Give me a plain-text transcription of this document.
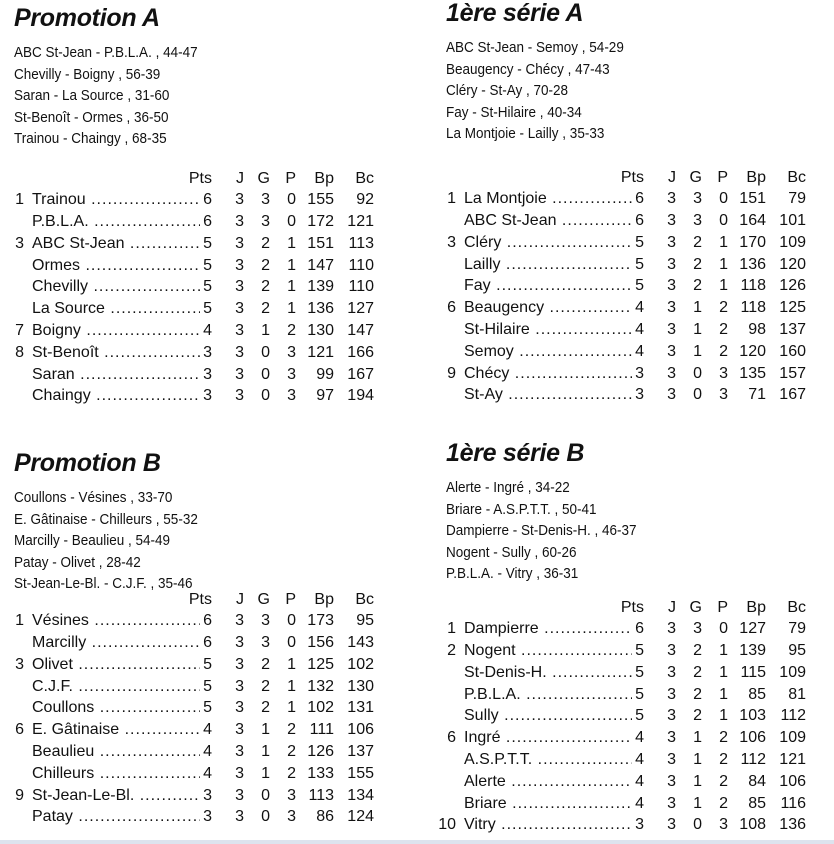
Promotion A
ABC St-Jean - P.B.L.A. , 44-47
Chevilly - Boigny , 56-39
Saran - La Source , 31-60
St-Benoît - Ormes , 36-50
Trainou - Chaingy , 68-35
Pts	J G P	Bp	Bc
1 Trainou .....	6	3	3	0 155	92
P.B.L.A. .....	6	3	3	0 172 121
3 ABC St-Jean .....	5	3	2	1 151 113
Ormes .....	5	3	2	1 147 110
Chevilly .....	5	3	2	1 139 110
La Source .....	5	3	2	1 136 127
7 Boigny .....	4	3	1	2 130 147
8 St-Benoît .....	3	3	0	3 121 166
Saran .....	3	3	0	3	99 167
Chaingy .....	3	3	0	3	97 194
1ère série A
ABC St-Jean - Semoy , 54-29
Beaugency - Chécy , 47-43
Cléry - St-Ay , 70-28
Fay - St-Hilaire , 40-34
La Montjoie - Lailly , 35-33
Pts	J G P	Bp	Bc
1 La Montjoie .....	6	3	3	0 151	79
ABC St-Jean .....	6	3	3	0 164 101
3 Cléry .....	5	3	2	1 170 109
Lailly .....	5	3	2	1 136 120
Fay .....	5	3	2	1 118 126
6 Beaugency .....	4	3	1	2 118 125
St-Hilaire .....	4	3	1	2	98 137
Semoy .....	4	3	1	2 120 160
9 Chécy .....	3	3	0	3 135 157
St-Ay .....	3	3	0	3	71 167
Promotion B
Coullons - Vésines , 33-70
E. Gâtinaise - Chilleurs , 55-32
Marcilly - Beaulieu , 54-49
Patay - Olivet , 28-42
St-Jean-Le-Bl. - C.J.F. , 35-46
Pts	J G P	Bp	Bc
1 Vésines .....	6	3	3	0 173	95
Marcilly .....	6	3	3	0 156 143
3 Olivet .....	5	3	2	1 125 102
C.J.F. .....	5	3	2	1 132 130
Coullons .....	5	3	2	1 102 131
6 E. Gâtinaise .....	4	3	1	2 111 106
Beaulieu .....	4	3	1	2 126 137
Chilleurs .....	4	3	1	2 133 155
9 St-Jean-Le-Bl. .....	3	3	0	3 113 134
Patay .....	3	3	0	3	86 124
1ère série B
Alerte - Ingré , 34-22
Briare - A.S.P.T.T. , 50-41
Dampierre - St-Denis-H. , 46-37
Nogent - Sully , 60-26
P.B.L.A. - Vitry , 36-31
Pts	J G P	Bp	Bc
1 Dampierre .....	6	3	3	0 127	79
2 Nogent .....	5	3	2	1 139	95
St-Denis-H. .....	5	3	2	1 115 109
P.B.L.A. .....	5	3	2	1	85	81
Sully .....	5	3	2	1 103 112
6 Ingré .....	4	3	1	2 106 109
A.S.P.T.T. .....	4	3	1	2 112 121
Alerte .....	4	3	1	2	84 106
Briare .....	4	3	1	2	85 116
10 Vitry .....	3	3	0	3 108 136
